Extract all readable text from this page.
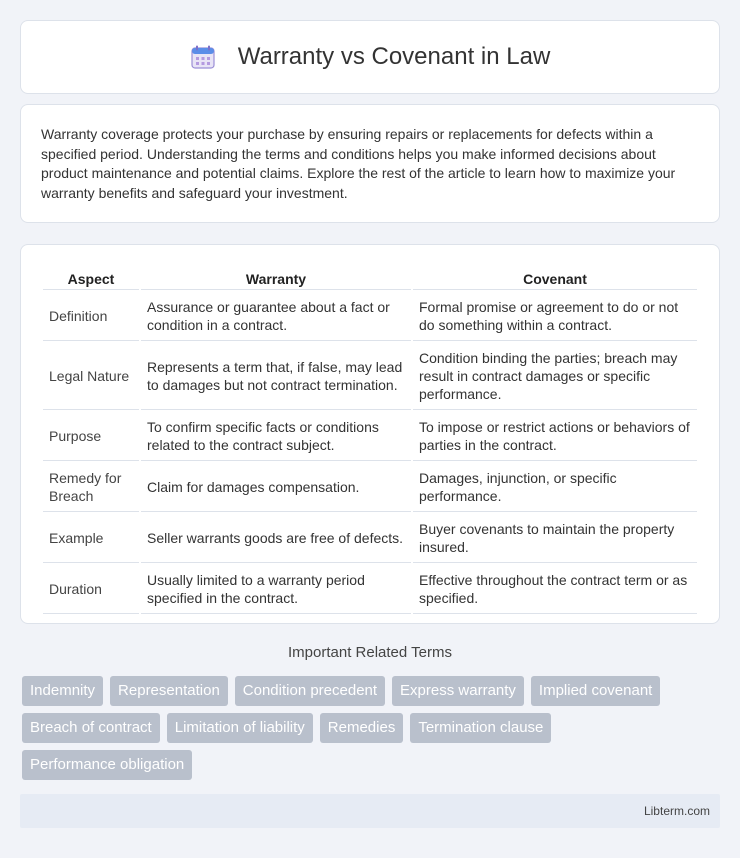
Warranty vs Covenant in Law

Warranty coverage protects your purchase by ensuring repairs or replacements for defects within a specified period. Understanding the terms and conditions helps you make informed decisions about product maintenance and potential claims. Explore the rest of the article to learn how to maximize your warranty benefits and safeguard your investment.

Aspect	Warranty	Covenant
Definition	Assurance or guarantee about a fact or condition in a contract.	Formal promise or agreement to do or not do something within a contract.
Legal Nature	Represents a term that, if false, may lead to damages but not contract termination.	Condition binding the parties; breach may result in contract damages or specific performance.
Purpose	To confirm specific facts or conditions related to the contract subject.	To impose or restrict actions or behaviors of parties in the contract.
Remedy for Breach	Claim for damages compensation.	Damages, injunction, or specific performance.
Example	Seller warrants goods are free of defects.	Buyer covenants to maintain the property insured.
Duration	Usually limited to a warranty period specified in the contract.	Effective throughout the contract term or as specified.
Important Related Terms
Indemnity	Representation	Condition precedent	Express warranty	Implied covenant
Breach of contract	Limitation of liability	Remedies	Termination clause
Performance obligation
Libterm.com
